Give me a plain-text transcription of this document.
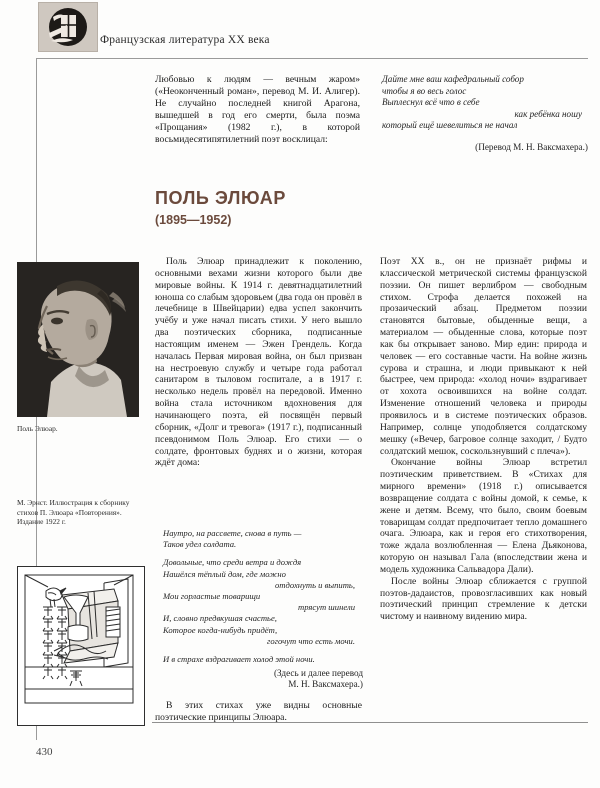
Французская литература XX века
Любовью к людям — вечным жаром» («Неоконченный роман», перевод М. И. Алигер). Не случайно последней книгой Арагона, вышедшей в год его смерти, была поэма «Прощания» (1982 г.), в которой восьмидесятипятилетний поэт восклицал:
Дайте мне ваш кафедральный собор
чтобы я во весь голос
Выплеснул всё что в себе
как ребёнка ношу
который ещё шевелиться не начал
(Перевод М. Н. Ваксмахера.)
ПОЛЬ ЭЛЮАР
(1895—1952)

Поль Элюар принадлежит к поколению, основными вехами жизни которого были две мировые войны. К 1914 г. девятнадцатилетний юноша со слабым здоровьем (два года он провёл в лечебнице в Швейцарии) едва успел закончить учёбу и уже начал писать стихи. У него вышло два поэтических сборника, подписанные настоящим именем — Эжен Грендель. Когда началась Первая мировая война, он был призван на нестроевую службу и четыре года работал санитаром в тыловом госпитале, а в 1917 г. несколько недель провёл на передовой. Именно война стала источником вдохновения для начинающего поэта, ей посвящён первый сборник, «Долг и тревога» (1917 г.), подписанный псевдонимом Поль Элюар. Его стихи — о солдате, фронтовых буднях и о жизни, которая ждёт дома:

Наутро, на рассвете, снова в путь —
Таков удел солдата.
Довольные, что среди ветра и дождя
Нашёлся тёплый дом, где можно
отдохнуть и выпить,
Мои горластые товарищи
трясут шинели
И, словно предвкушая счастье,
Которое когда-нибудь придёт,
гогочут что есть мочи.
И в страхе вздрагивает холод этой ночи.
(Здесь и далее перевод
М. Н. Ваксмахера.)
В этих стихах уже видны основные поэтические принципы Элюара.

Поэт XX в., он не признаёт рифмы и классической метрической системы французской поэзии. Он пишет верлибром — свободным стихом. Строфа делается похожей на прозаический абзац. Предметом поэзии становятся бытовые, обыденные вещи, а материалом — обыденные слова, которые поэт как бы открывает заново. Мир един: природа и человек — его составные части. На войне жизнь сурова и страшна, и люди привыкают к ней быстрее, чем природа: «холод ночи» вздрагивает от хохота освоившихся на войне солдат. Изменение отношений человека и природы проявилось и в системе поэтических образов. Например, солнце уподобляется солдатскому мешку («Вечер, багровое солнце заходит, / Будто солдатский мешок, соскользнувший с плеча»).

Окончание войны Элюар встретил поэтическим приветствием. В «Стихах для мирного времени» (1918 г.) описывается возвращение солдата с войны домой, к семье, к жене и детям. Всему, что было, своим боевым товарищам солдат предпочитает тепло домашнего очага. Элюара, как и героя его стихотворения, тоже ждала возлюбленная — Елена Дьяконова, которую он называл Гала (впоследствии жена и модель художника Сальвадора Дали).

После войны Элюар сближается с группой поэтов-дадаистов, провозгласивших как новый поэтический принцип стремление к детски чистому и наивному видению мира.

Поль Элюар.
М. Эрнст. Иллюстрация к сборнику стихов П. Элюара «Повторения». Издание 1922 г.
430
